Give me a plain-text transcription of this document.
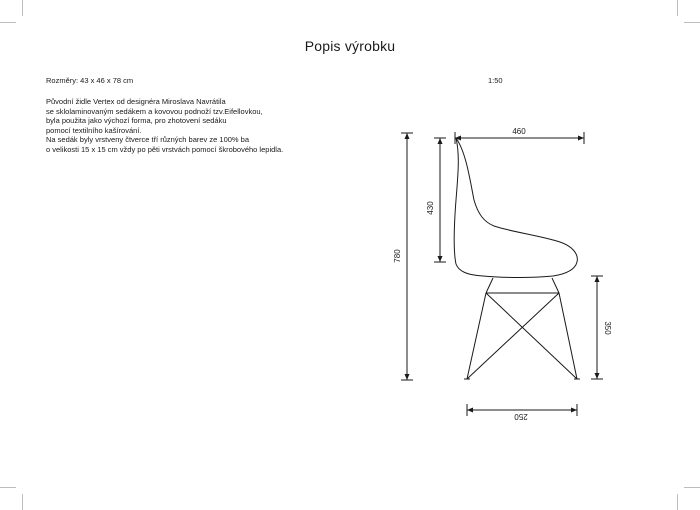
Popis výrobku
Rozměry: 43 x 46 x 78 cm
Původní židle Vertex od designéra Miroslava Navrátila
se sklolaminovaným sedákem a kovovou podnoží tzv.Eifellovkou,
byla použita jako výchozí forma, pro zhotovení sedáku
pomocí textilního kašírování.
Na sedák byly vrstveny čtverce tří různých barev ze 100% ba
o velikosti 15 x 15 cm vždy po pěti vrstvách pomocí škrobového lepidla.
1:50
460
430
780
350
250
